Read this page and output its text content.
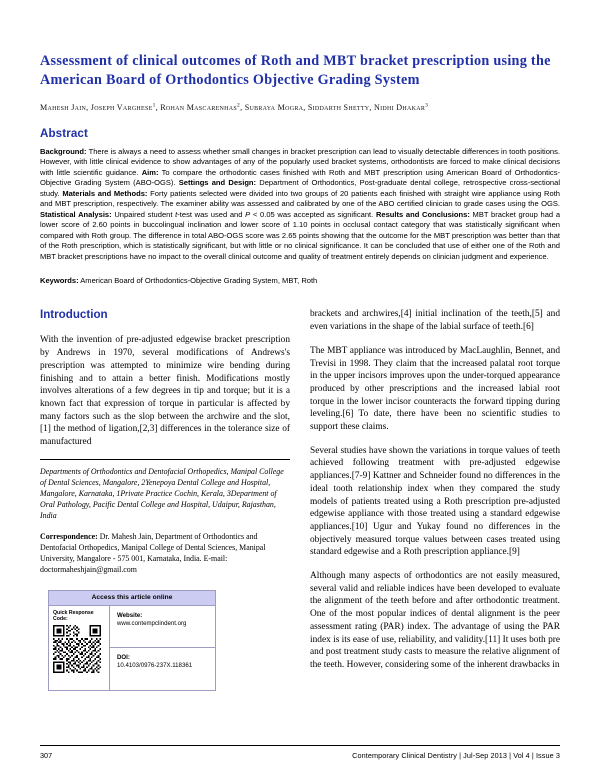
Assessment of clinical outcomes of Roth and MBT bracket prescription using the American Board of Orthodontics Objective Grading System
Mahesh Jain, Joseph Varghese$^1$, Rohan Mascarenhas$^2$, Subraya Mogra, Siddarth Shetty, Nidhi Dhakar$^3$
Abstract

Background: There is always a need to assess whether small changes in bracket prescription can lead to visually detectable differences in tooth positions. However, with little clinical evidence to show advantages of any of the popularly used bracket systems, orthodontists are forced to make clinical decisions with little scientific guidance. Aim: To compare the orthodontic cases finished with Roth and MBT prescription using American Board of Orthodontics-Objective Grading System (ABO-OGS). Settings and Design: Department of Orthodontics, Post-graduate dental college, retrospective cross-sectional study. Materials and Methods: Forty patients selected were divided into two groups of 20 patients each finished with straight wire appliance using Roth and MBT prescription, respectively. The examiner ability was assessed and calibrated by one of the ABO certified clinician to grade cases using the OGS. Statistical Analysis: Unpaired student t-test was used and P < 0.05 was accepted as significant. Results and Conclusions: MBT bracket group had a lower score of 2.60 points in buccolingual inclination and lower score of 1.10 points in occlusal contact category that was statistically significant when compared with Roth group. The difference in total ABO-OGS score was 2.65 points showing that the outcome for the MBT prescription was better than that of the Roth prescription, which is statistically significant, but with little or no clinical significance. It can be concluded that use of either one of the Roth and MBT bracket prescriptions have no impact to the overall clinical outcome and quality of treatment entirely depends on clinician judgment and experience.

Keywords: American Board of Orthodontics-Objective Grading System, MBT, Roth

Introduction

With the invention of pre-adjusted edgewise bracket prescription by Andrews in 1970, several modifications of Andrews's prescription was attempted to minimize wire bending during finishing and to attain a better finish. Modifications mostly involves alterations of a few degrees in tip and torque; but it is a known fact that expression of torque in particular is affected by many factors such as the slop between the archwire and the slot,[1] the method of ligation,[2,3] differences in the tolerance size of manufactured

Departments of Orthodontics and Dentofacial Orthopedics, Manipal College of Dental Sciences, Mangalore, 2Yenepoya Dental College and Hospital, Mangalore, Karnataka, 1Private Practice Cochin, Kerala, 3Department of Oral Pathology, Pacific Dental College and Hospital, Udaipur, Rajasthan, India

Correspondence: Dr. Mahesh Jain, Department of Orthodontics and Dentofacial Orthopedics, Manipal College of Dental Sciences, Manipal University, Mangalore - 575 001, Karnataka, India. E-mail: doctormaheshjain@gmail.com

Access this article online
Quick Response Code:	Website:
www.contempclindent.org
DOI:
10.4103/0976-237X.118361

brackets and archwires,[4] initial inclination of the teeth,[5] and even variations in the shape of the labial surface of teeth.[6]

The MBT appliance was introduced by MacLaughlin, Bennet, and Trevisi in 1998. They claim that the increased palatal root torque in the upper incisors improves upon the under-torqued appearance produced by other prescriptions and the increased labial root torque in the lower incisor counteracts the forward tipping during leveling.[6] To date, there have been no scientific studies to support these claims.

Several studies have shown the variations in torque values of teeth achieved following treatment with pre-adjusted edgewise appliances.[7-9] Kattner and Schneider found no differences in the ideal tooth relationship index when they compared the study models of patients treated using a Roth prescription pre-adjusted edgewise appliance with those treated using a standard edgewise appliances.[10] Ugur and Yukay found no differences in the objectively measured torque values between cases treated using standard edgewise and a Roth prescription appliance.[9]

Although many aspects of orthodontics are not easily measured, several valid and reliable indices have been developed to evaluate the alignment of the teeth before and after orthodontic treatment. One of the most popular indices of dental alignment is the peer assessment rating (PAR) index. The advantage of using the PAR index is its ease of use, reliability, and validity.[11] It uses both pre and post treatment study casts to measure the relative alignment of the teeth. However, considering some of the inherent drawbacks in

307	Contemporary Clinical Dentistry | Jul-Sep 2013 | Vol 4 | Issue 3
